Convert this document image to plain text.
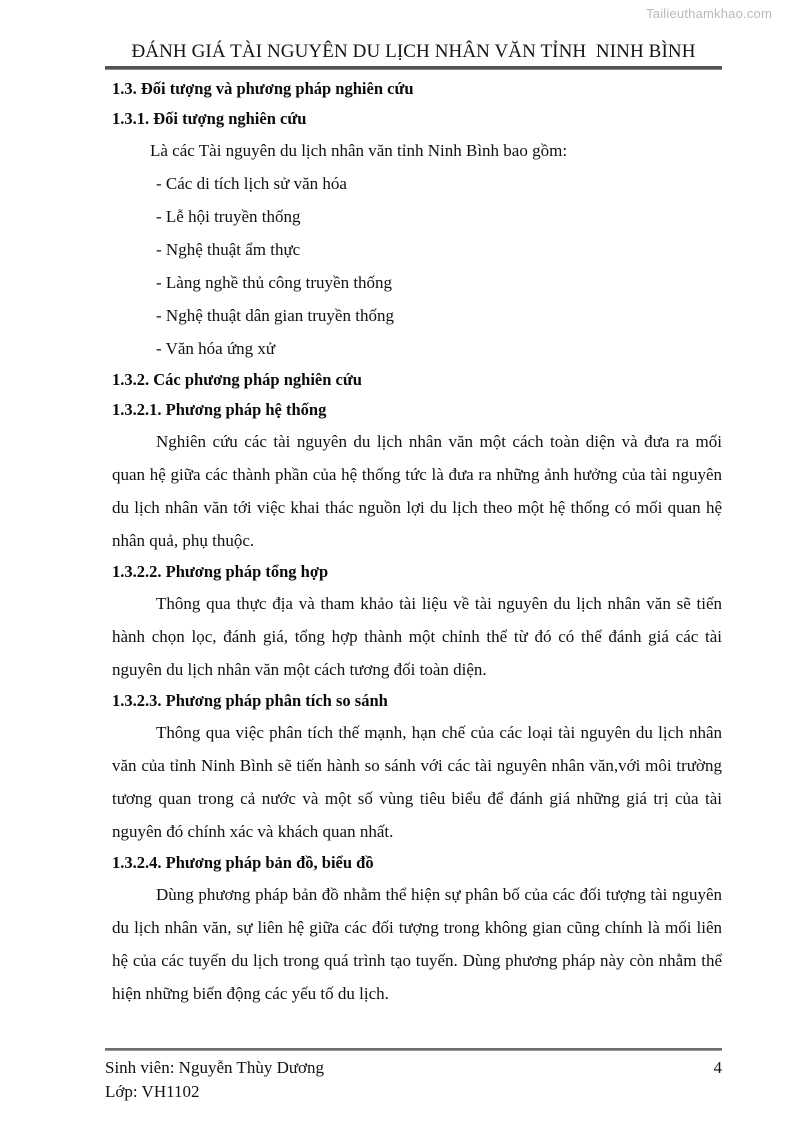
Tailieuthamkhao.com
ĐÁNH GIÁ TÀI NGUYÊN DU LỊCH NHÂN VĂN TỈNH  NINH BÌNH
1.3. Đối tượng và phương pháp nghiên cứu
1.3.1. Đối tượng nghiên cứu
Là các Tài nguyên du lịch nhân văn tỉnh Ninh Bình bao gồm:
- Các di tích lịch sử văn hóa
- Lễ hội truyền thống
- Nghệ thuật ẩm thực
- Làng nghề thủ công truyền thống
- Nghệ thuật dân gian truyền thống
- Văn hóa ứng xử
1.3.2. Các phương pháp nghiên cứu
1.3.2.1. Phương pháp hệ thống
Nghiên cứu các tài nguyên du lịch nhân văn một cách toàn diện và đưa ra mối quan hệ giữa các thành phần của hệ thống tức là đưa ra những ảnh hưởng của tài nguyên du lịch nhân văn tới việc khai thác nguồn lợi du lịch theo một hệ thống có mối quan hệ nhân quả, phụ thuộc.
1.3.2.2. Phương pháp tổng hợp
Thông qua thực địa và tham khảo tài liệu về tài nguyên du lịch nhân văn sẽ tiến hành chọn lọc, đánh giá, tổng hợp thành một chỉnh thể từ đó có thể đánh giá các tài nguyên du lịch nhân văn một cách tương đối toàn diện.
1.3.2.3. Phương pháp phân tích so sánh
Thông qua việc phân tích thế mạnh, hạn chế của các loại tài nguyên du lịch nhân văn của tỉnh Ninh Bình sẽ tiến hành so sánh với các tài nguyên nhân văn,với môi trường tương quan trong cả nước và một số vùng tiêu biểu để đánh giá những giá trị của tài nguyên đó chính xác và khách quan nhất.
1.3.2.4. Phương pháp bản đồ, biểu đồ
Dùng phương pháp bản đồ nhằm thể hiện sự phân bố của các đối tượng tài nguyên du lịch nhân văn, sự liên hệ giữa các đối tượng trong không gian cũng chính là mối liên hệ của các tuyến du lịch trong quá trình tạo tuyến. Dùng phương pháp này còn nhằm thể hiện những biến động các yếu tố du lịch.
Sinh viên: Nguyễn Thùy Dương
Lớp: VH1102
4
